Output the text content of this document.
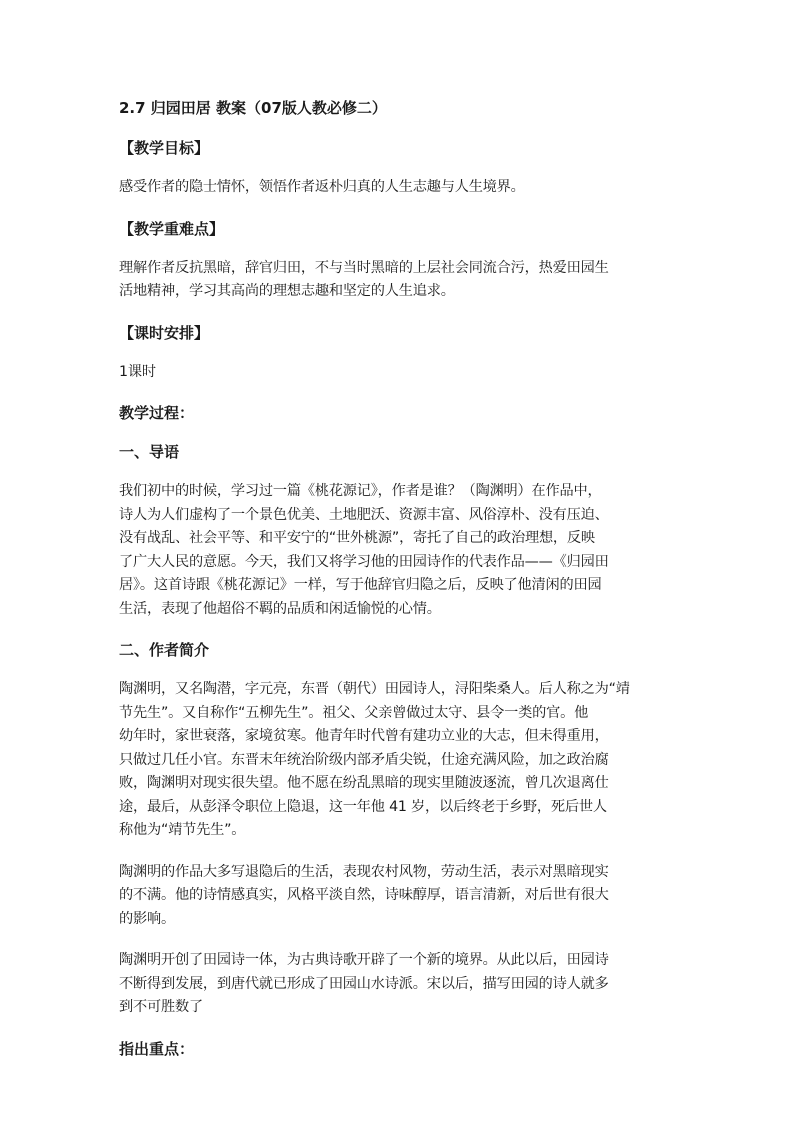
2.7 归园田居 教案（07版人教必修二）
【教学目标】
感受作者的隐士情怀，领悟作者返朴归真的人生志趣与人生境界。
【教学重难点】
理解作者反抗黑暗，辞官归田，不与当时黑暗的上层社会同流合污，热爱田园生
活地精神，学习其高尚的理想志趣和坚定的人生追求。
【课时安排】
1课时
教学过程：
一、导语
我们初中的时候，学习过一篇《桃花源记》，作者是谁？（陶渊明）在作品中，
诗人为人们虚构了一个景色优美、土地肥沃、资源丰富、风俗淳朴、没有压迫、
没有战乱、社会平等、和平安宁的“世外桃源”，寄托了自己的政治理想，反映
了广大人民的意愿。今天，我们又将学习他的田园诗作的代表作品——《归园田
居》。这首诗跟《桃花源记》一样，写于他辞官归隐之后，反映了他清闲的田园
生活，表现了他超俗不羁的品质和闲适愉悦的心情。
二、作者简介
陶渊明，又名陶潜，字元亮，东晋（朝代）田园诗人，浔阳柴桑人。后人称之为“靖
节先生”。又自称作“五柳先生”。祖父、父亲曾做过太守、县令一类的官。他
幼年时，家世衰落，家境贫寒。他青年时代曾有建功立业的大志，但未得重用，
只做过几任小官。东晋末年统治阶级内部矛盾尖锐，仕途充满风险，加之政治腐
败，陶渊明对现实很失望。他不愿在纷乱黑暗的现实里随波逐流，曾几次退离仕
途，最后，从彭泽令职位上隐退，这一年他 41 岁，以后终老于乡野，死后世人
称他为“靖节先生”。
陶渊明的作品大多写退隐后的生活，表现农村风物，劳动生活，表示对黑暗现实
的不满。他的诗情感真实，风格平淡自然，诗味醇厚，语言清新，对后世有很大
的影响。
陶渊明开创了田园诗一体，为古典诗歌开辟了一个新的境界。从此以后，田园诗
不断得到发展，到唐代就已形成了田园山水诗派。宋以后，描写田园的诗人就多
到不可胜数了
指出重点：
